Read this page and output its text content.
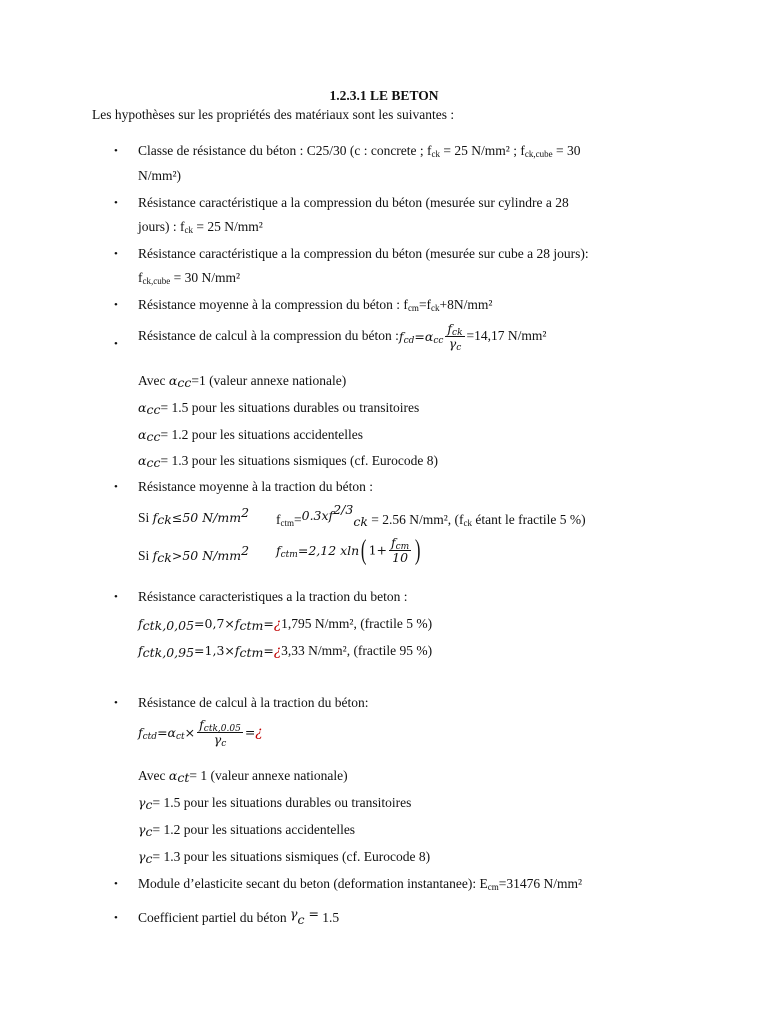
1.2.3.1 LE BETON
Les hypothèses sur les propriétés des matériaux sont les suivantes :
•	Classe de résistance du béton : C25/30 (c : concrete ; $f_{ck} = 25$ N/mm² ; $f_{ck,cube} = 30$
N/mm²)
•	Résistance caractéristique a la compression du béton (mesurée sur cylindre a 28
jours) : $f_{ck} = 25$ N/mm²
•	Résistance caractéristique a la compression du béton (mesurée sur cube a 28 jours):
$f_{ck,cube} = 30$ N/mm²
•	Résistance moyenne à la compression du béton : $f_{cm}=f_{ck}+8N$/mm²
•
Résistance de calcul à la compression du béton $:f_{cd}=\alpha_{cc} \frac{f_{ck}}{\gamma_c} =14,17$ N/mm²
Avec $\alpha_{cc}=1$ (valeur annexe nationale)
$\alpha_{cc}= 1.5$ pour les situations durables ou transitoires
$\alpha_{cc}= 1.2$ pour les situations accidentelles
$\alpha_{cc}= 1.3$ pour les situations sismiques (cf. Eurocode 8)
•	Résistance moyenne à la traction du béton :
Si $f_{ck}\le 50$ $N/mm^2$	$f_{ctm}=0.3xf^{2/3}_{ck} = 2.56$ N/mm², ($f_{ck}$ étant le fractile 5 %)
Si $f_{ck}>50$ $N/mm^2$	$f_{ctm}=2,12$ xln( $1+ \frac{f_{cm}}{10}$ )
•	Résistance caracteristiques a la traction du beton :
$f_{ctk,0,05}=0,7\times f_{ctm}=¿1,795$ N/mm², (fractile 5 %)
$f_{ctk,0,95}=1,3\times f_{ctm}=¿3,33$ N/mm², (fractile 95 %)
•	Résistance de calcul à la traction du béton:
$f_{ctd}=\alpha_{ct}\times \frac{f_{ctk,0.05}}{\gamma_c}$ =¿
Avec $\alpha_{ct}= 1$ (valeur annexe nationale)
$\gamma_c= 1.5$ pour les situations durables ou transitoires
$\gamma_c= 1.2$ pour les situations accidentelles
$\gamma_c= 1.3$ pour les situations sismiques (cf. Eurocode 8)
•	Module d’elasticite secant du beton (deformation instantanee): $E_{cm}=31476$ N/mm²
•	Coefficient partiel du béton $\gamma_c = 1.5$
